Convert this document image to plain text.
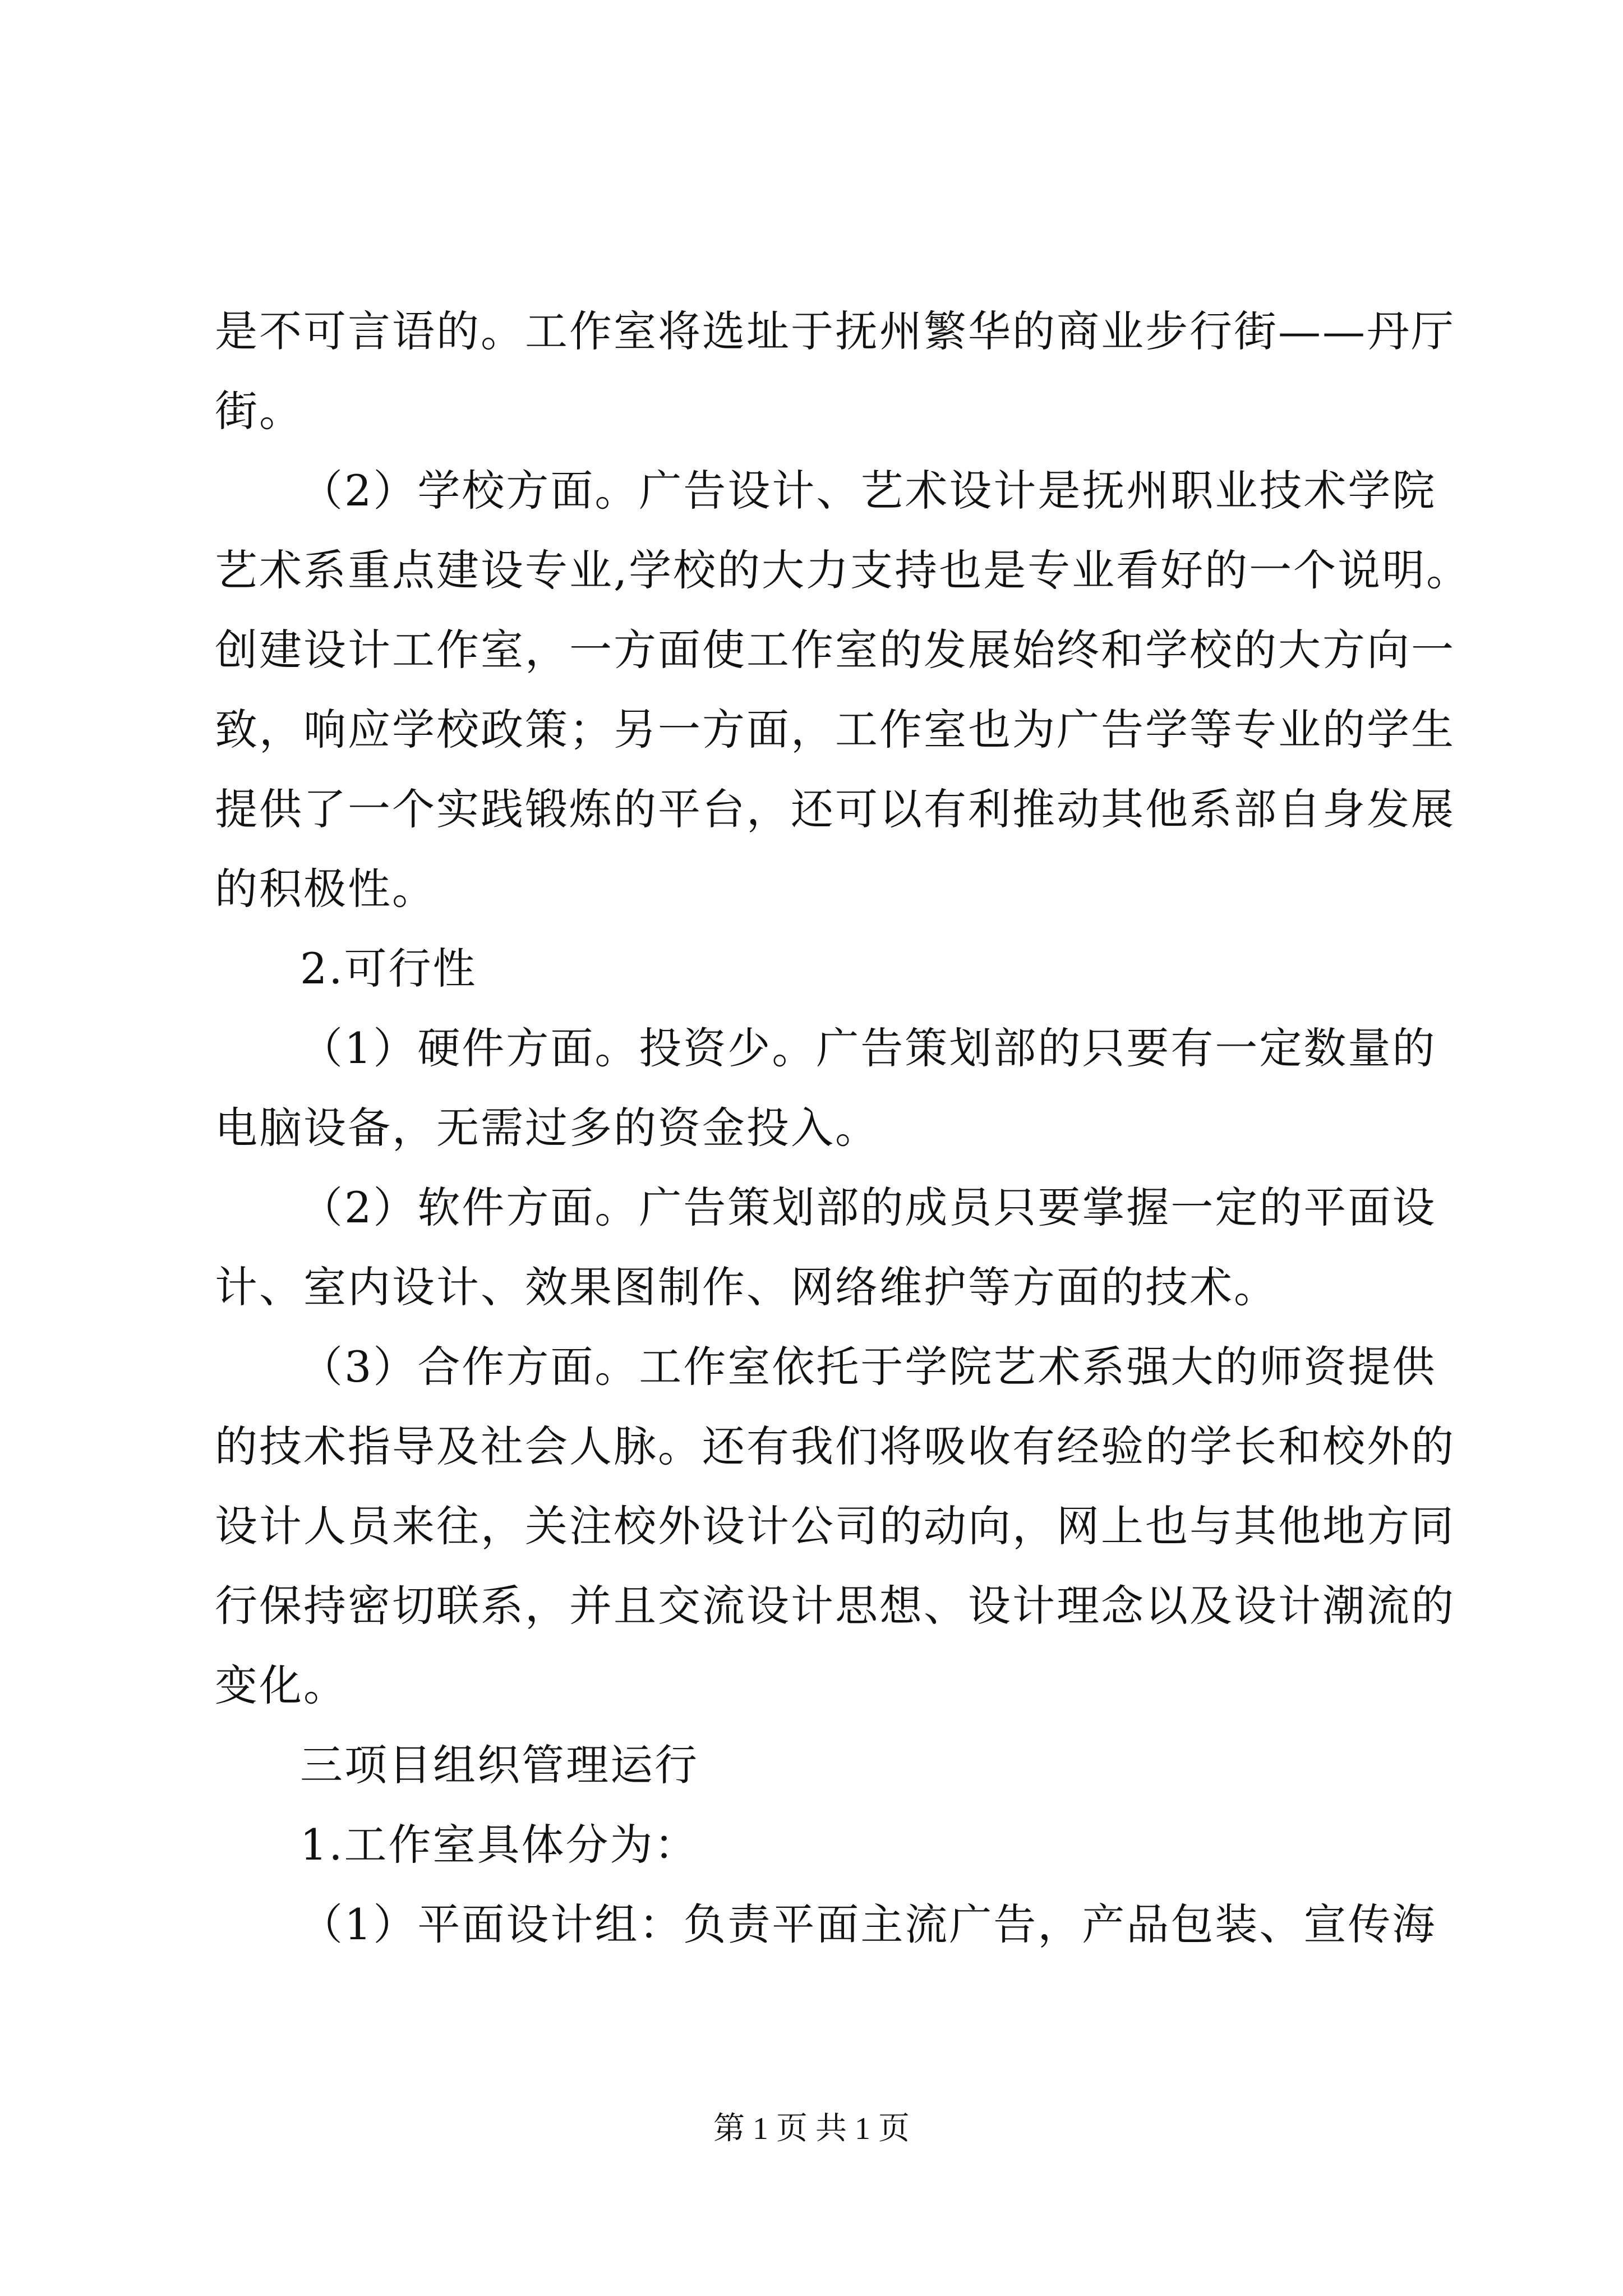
是不可言语的。工作室将选址于抚州繁华的商业步行街——丹厅
街。
（2）学校方面。广告设计、艺术设计是抚州职业技术学院
艺术系重点建设专业,学校的大力支持也是专业看好的一个说明。
创建设计工作室，一方面使工作室的发展始终和学校的大方向一
致，响应学校政策；另一方面，工作室也为广告学等专业的学生
提供了一个实践锻炼的平台，还可以有利推动其他系部自身发展
的积极性。
2.可行性
（1）硬件方面。投资少。广告策划部的只要有一定数量的
电脑设备，无需过多的资金投入。
（2）软件方面。广告策划部的成员只要掌握一定的平面设
计、室内设计、效果图制作、网络维护等方面的技术。
（3）合作方面。工作室依托于学院艺术系强大的师资提供
的技术指导及社会人脉。还有我们将吸收有经验的学长和校外的
设计人员来往，关注校外设计公司的动向，网上也与其他地方同
行保持密切联系，并且交流设计思想、设计理念以及设计潮流的
变化。
三项目组织管理运行
1.工作室具体分为：
（1）平面设计组：负责平面主流广告，产品包装、宣传海
第 1 页 共 1 页
